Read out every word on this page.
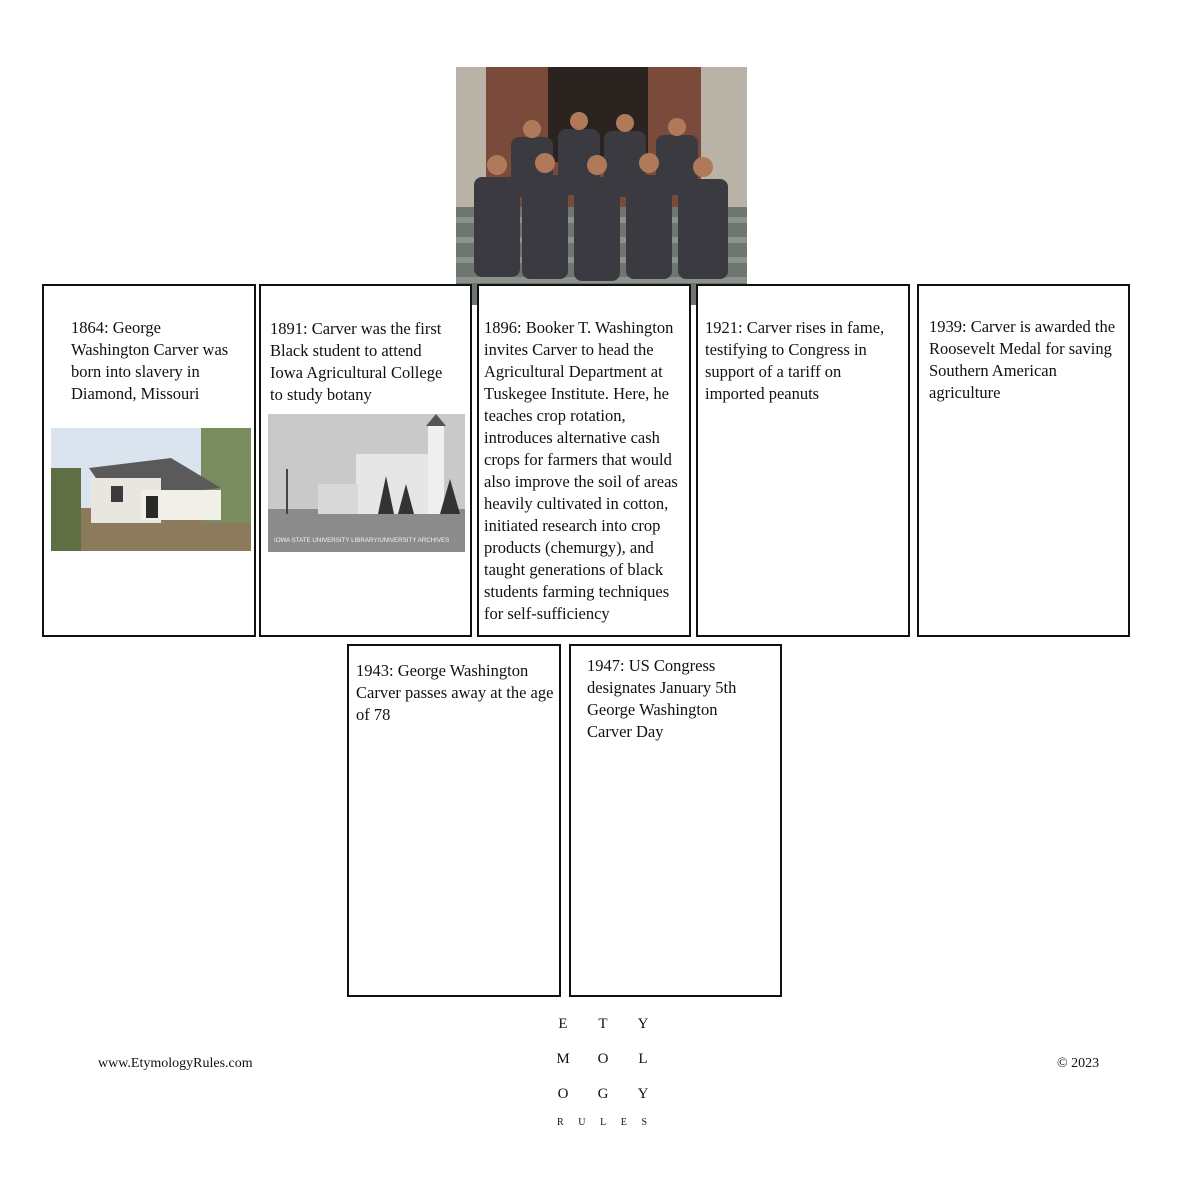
1864: George Washington Carver was born into slavery in Diamond, Missouri

1891: Carver was the first Black student to attend Iowa Agricultural College to study botany

IOWA STATE UNIVERSITY LIBRARY/UNIVERSITY ARCHIVES

1896: Booker T. Washington invites Carver to head the Agricultural Department at Tuskegee Institute. Here, he teaches crop rotation, introduces alternative cash crops for farmers that would also improve the soil of areas heavily cultivated in cotton, initiated research into crop products (chemurgy), and taught generations of black students farming techniques for self-sufficiency

1921: Carver rises in fame, testifying to Congress in support of a tariff on imported peanuts

1939: Carver is awarded the Roosevelt Medal for saving Southern American agriculture

1943: George Washington Carver passes away at the age of 78

1947: US Congress designates January 5th George Washington Carver Day

www.EtymologyRules.com
E	T	Y
M	O	L
O	G	Y
R U L E S
© 2023
